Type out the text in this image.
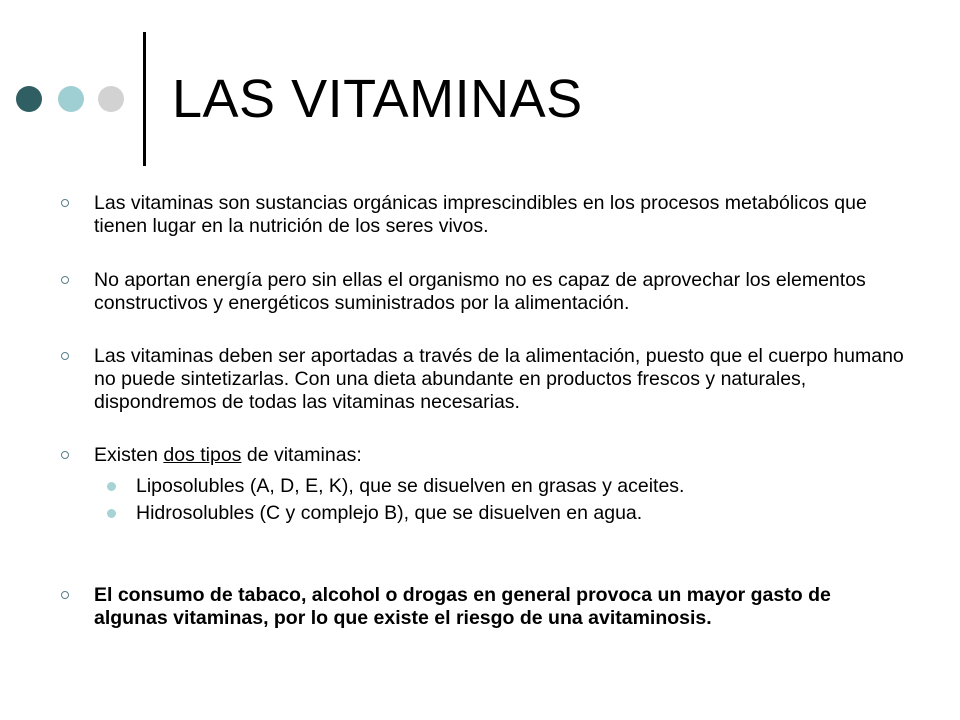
LAS VITAMINAS
Las vitaminas son sustancias orgánicas imprescindibles en los procesos metabólicos que tienen lugar en la nutrición de los seres vivos.
No aportan energía pero sin ellas el organismo no es capaz de aprovechar los elementos constructivos y energéticos suministrados por la alimentación.
Las vitaminas deben ser aportadas a través de la alimentación, puesto que el cuerpo humano no puede sintetizarlas. Con una dieta abundante en productos frescos y naturales, dispondremos de todas las vitaminas necesarias.
Existen dos tipos de vitaminas:
Liposolubles (A, D, E, K), que se disuelven en grasas y aceites.
Hidrosolubles (C y complejo B), que se disuelven en agua.
El consumo de tabaco, alcohol o drogas en general provoca un mayor gasto de algunas vitaminas, por lo que existe el riesgo de una avitaminosis.
